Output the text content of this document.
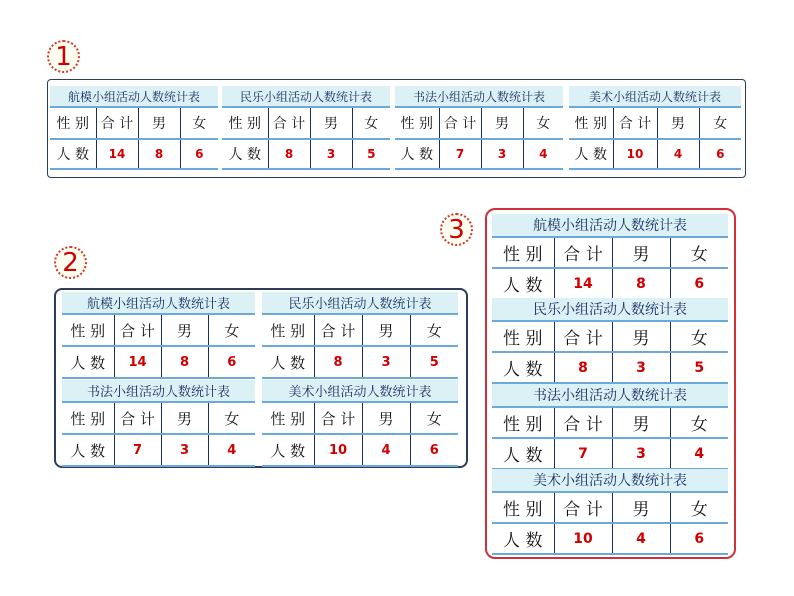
1
2
3
航模小组活动人数统计表			
性 别	合 计	男	女
人 数	14	8	6
民乐小组活动人数统计表			
性 别	合 计	男	女
人 数	8	3	5
书法小组活动人数统计表			
性 别	合 计	男	女
人 数	7	3	4
美术小组活动人数统计表			
性 别	合 计	男	女
人 数	10	4	6
航模小组活动人数统计表			
性 别	合 计	男	女
人 数	14	8	6
民乐小组活动人数统计表			
性 别	合 计	男	女
人 数	8	3	5
书法小组活动人数统计表			
性 别	合 计	男	女
人 数	7	3	4
美术小组活动人数统计表			
性 别	合 计	男	女
人 数	10	4	6
航模小组活动人数统计表			
性 别	合 计	男	女
人 数	14	8	6
民乐小组活动人数统计表			
性 别	合 计	男	女
人 数	8	3	5
书法小组活动人数统计表			
性 别	合 计	男	女
人 数	7	3	4
美术小组活动人数统计表			
性 别	合 计	男	女
人 数	10	4	6
